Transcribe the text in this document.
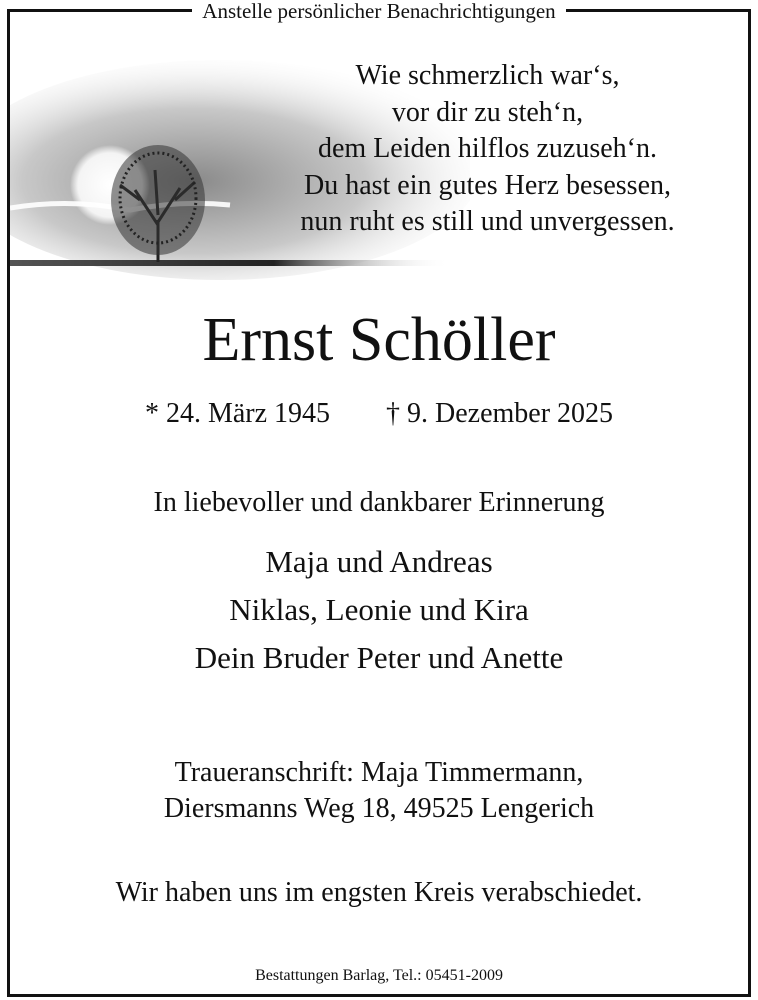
Anstelle persönlicher Benachrichtigungen
Wie schmerzlich war‘s,
vor dir zu steh‘n,
dem Leiden hilflos zuzuseh‘n.
Du hast ein gutes Herz besessen,
nun ruht es still und unvergessen.
Ernst Schöller
* 24. März 1945 † 9. Dezember 2025
In liebevoller und dankbarer Erinnerung
Maja und Andreas
Niklas, Leonie und Kira
Dein Bruder Peter und Anette
Traueranschrift: Maja Timmermann,
Diersmanns Weg 18, 49525 Lengerich
Wir haben uns im engsten Kreis verabschiedet.
Bestattungen Barlag, Tel.: 05451-2009
